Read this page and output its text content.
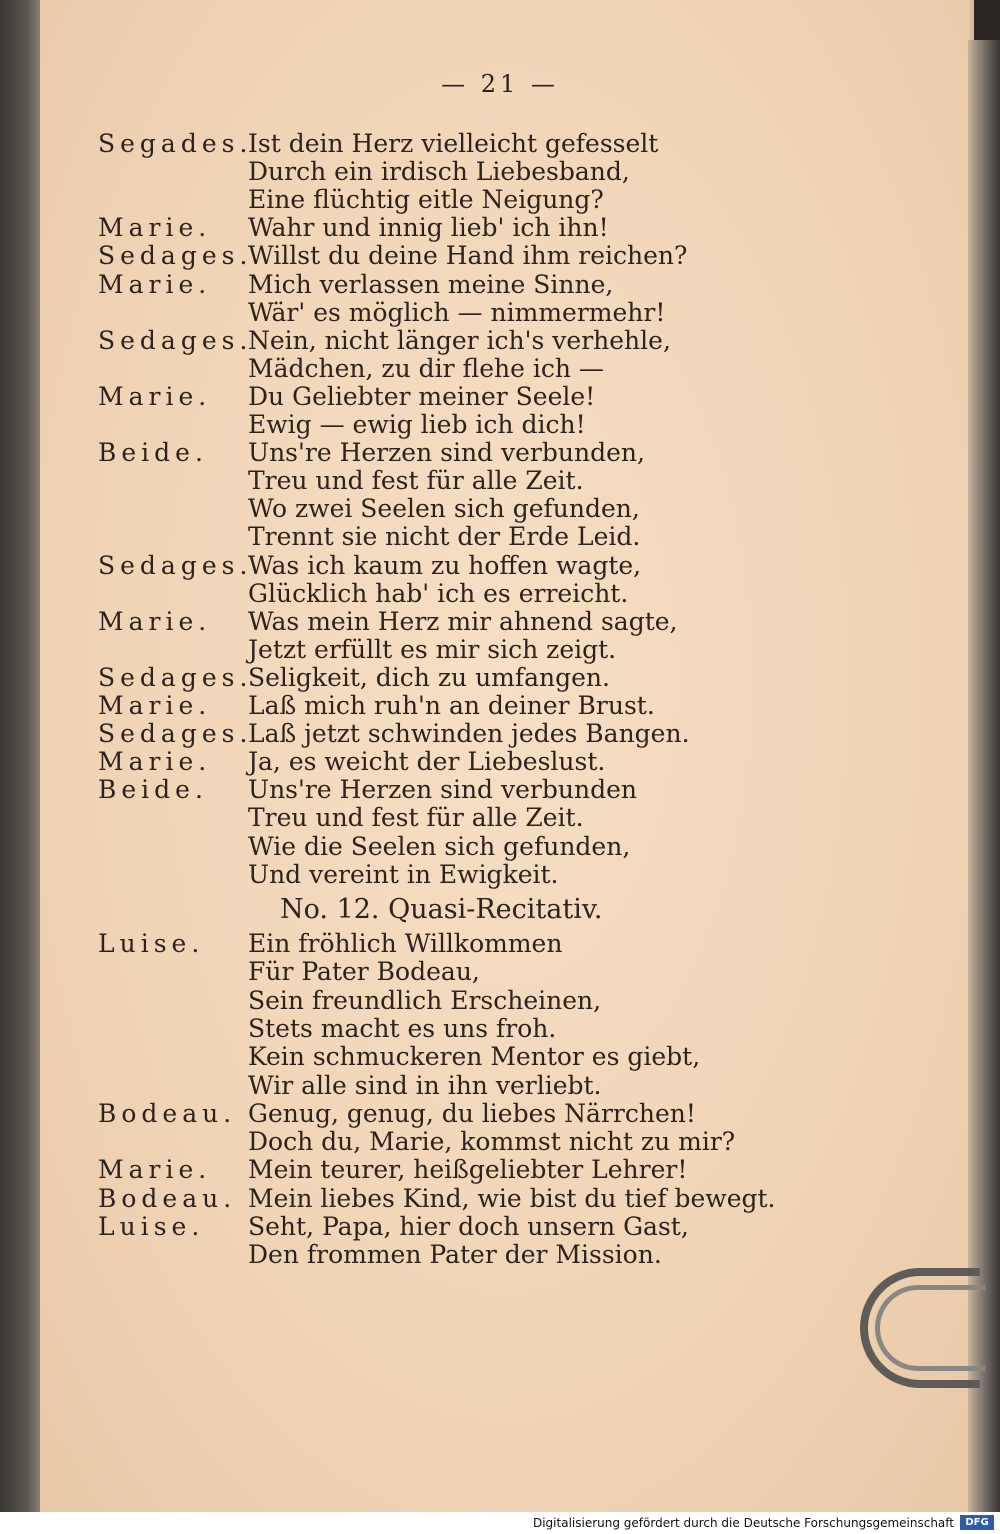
— 21 —
Segades.
Ist dein Herz vielleicht gefesselt
Durch ein irdisch Liebesband,
Eine flüchtig eitle Neigung?
Marie. Wahr und innig lieb' ich ihn!
Sedages.
Willst du deine Hand ihm reichen?
Marie. Mich verlassen meine Sinne,
Wär' es möglich — nimmermehr!
Sedages.
Nein, nicht länger ich's verhehle,
Mädchen, zu dir flehe ich —
Marie. Du Geliebter meiner Seele!
Ewig — ewig lieb ich dich!
Beide. Uns're Herzen sind verbunden,
Treu und fest für alle Zeit.
Wo zwei Seelen sich gefunden,
Trennt sie nicht der Erde Leid.
Sedages.
Was ich kaum zu hoffen wagte,
Glücklich hab' ich es erreicht.
Marie. Was mein Herz mir ahnend sagte,
Jetzt erfüllt es mir sich zeigt.
Sedages.
Seligkeit, dich zu umfangen.
Marie. Laß mich ruh'n an deiner Brust.
Sedages.
Laß jetzt schwinden jedes Bangen.
Marie. Ja, es weicht der Liebeslust.
Beide. Uns're Herzen sind verbunden
Treu und fest für alle Zeit.
Wie die Seelen sich gefunden,
Und vereint in Ewigkeit.
Luise. Ein fröhlich Willkommen
Für Pater Bodeau,
Sein freundlich Erscheinen,
Stets macht es uns froh.
Kein schmuckeren Mentor es giebt,
Wir alle sind in ihn verliebt.
Bodeau. Genug, genug, du liebes Närrchen!
Doch du, Marie, kommst nicht zu mir?
Marie. Mein teurer, heißgeliebter Lehrer!
Bodeau. Mein liebes Kind, wie bist du tief bewegt.
Luise. Seht, Papa, hier doch unsern Gast,
Den frommen Pater der Mission.
No. 12. Quasi-Recitativ.
Digitalisierung gefördert durch die Deutsche Forschungsgemeinschaft	DFG
